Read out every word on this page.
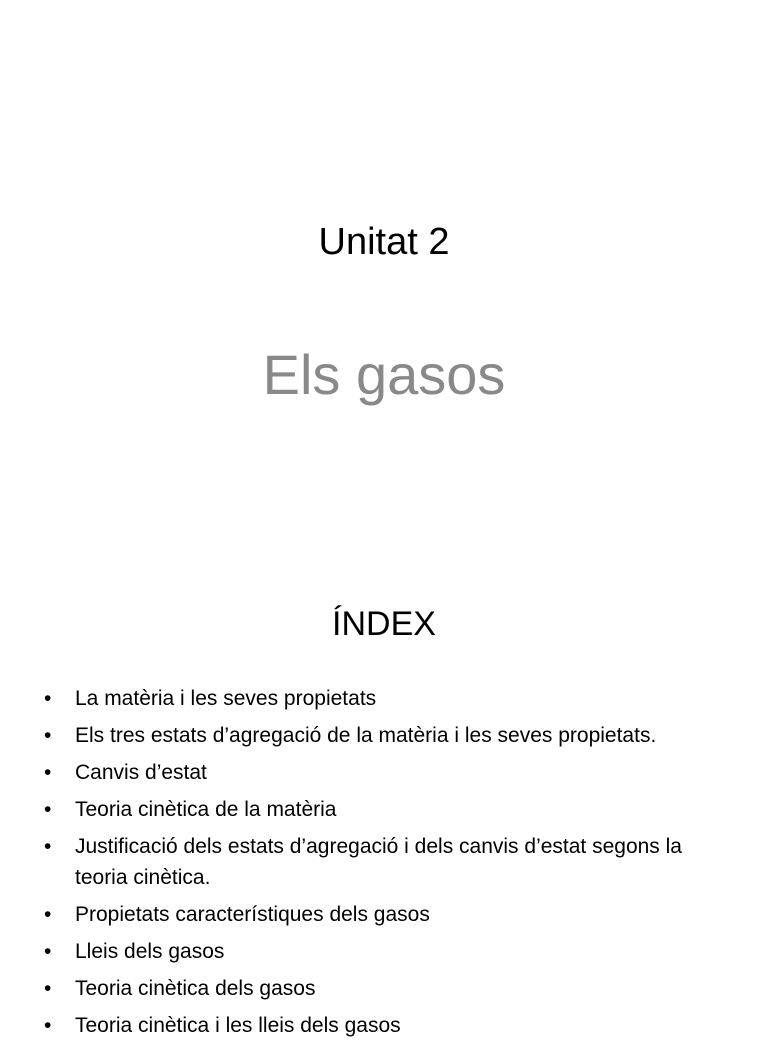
Unitat 2
Els gasos
ÍNDEX
• La matèria i les seves propietats
• Els tres estats d’agregació de la matèria i les seves propietats.
• Canvis d’estat
• Teoria cinètica de la matèria
• Justificació dels estats d’agregació i dels canvis d’estat segons la teoria cinètica.
• Propietats característiques dels gasos
• Lleis dels gasos
• Teoria cinètica dels gasos
• Teoria cinètica i les lleis dels gasos
